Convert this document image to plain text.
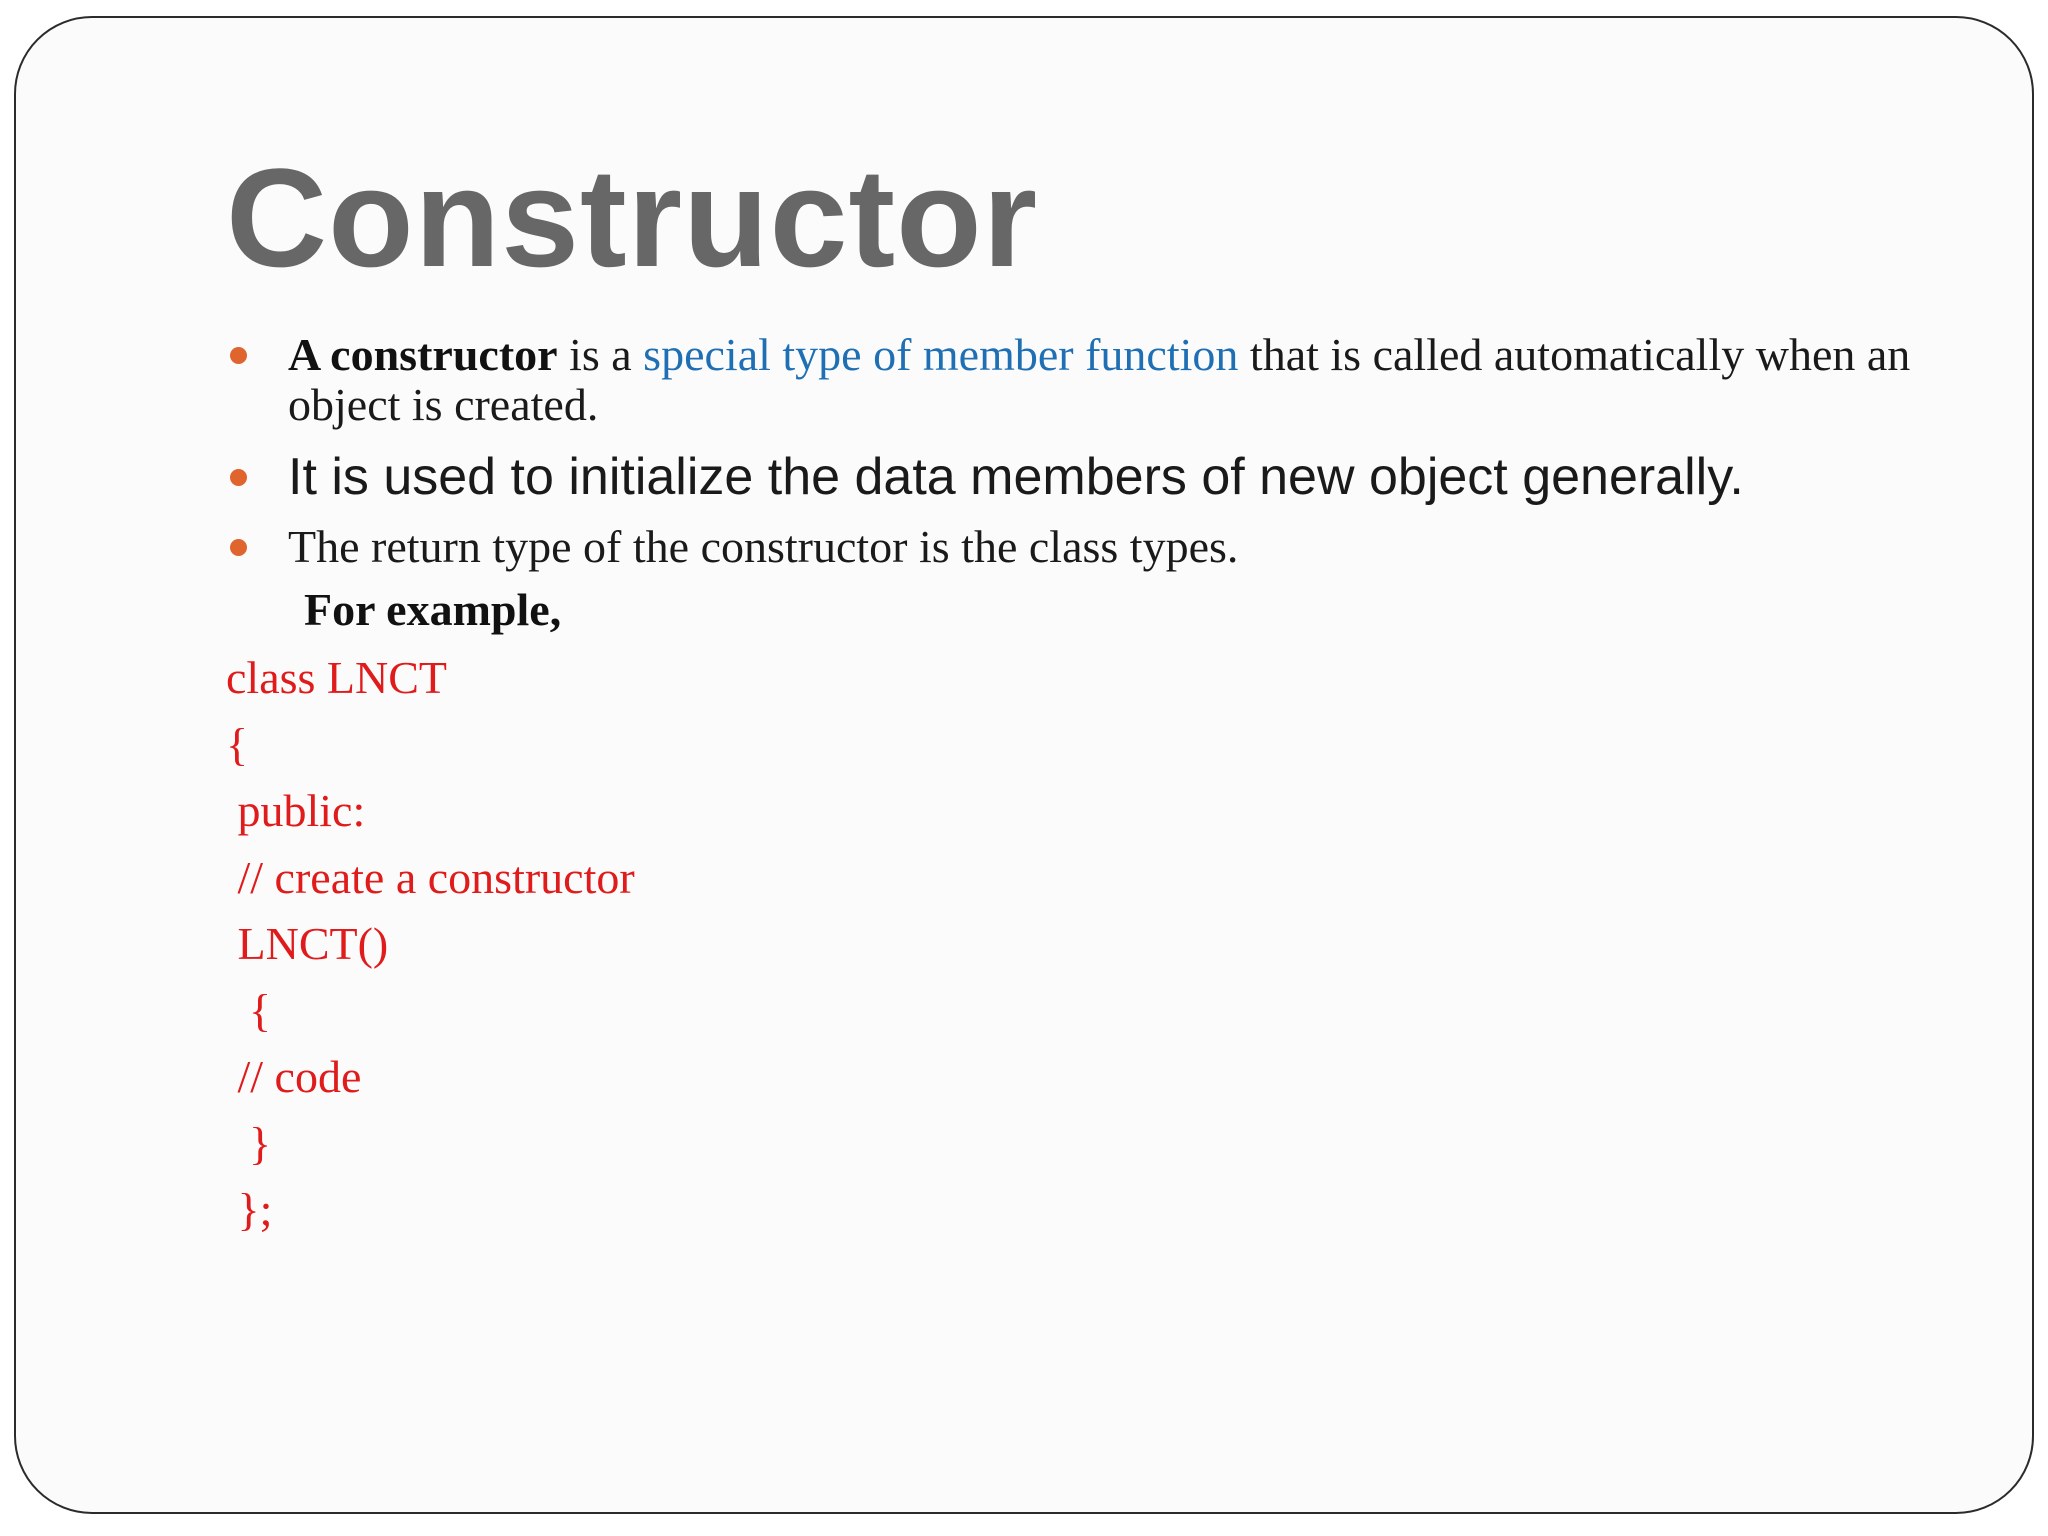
Constructor
A constructor is a special type of member function that is called automatically when an object is created.
It is used to initialize the data members of new object generally.
The return type of the constructor is the class types.

For example,

class LNCT
{
public:
// create a constructor
LNCT()
{
// code
}
};
